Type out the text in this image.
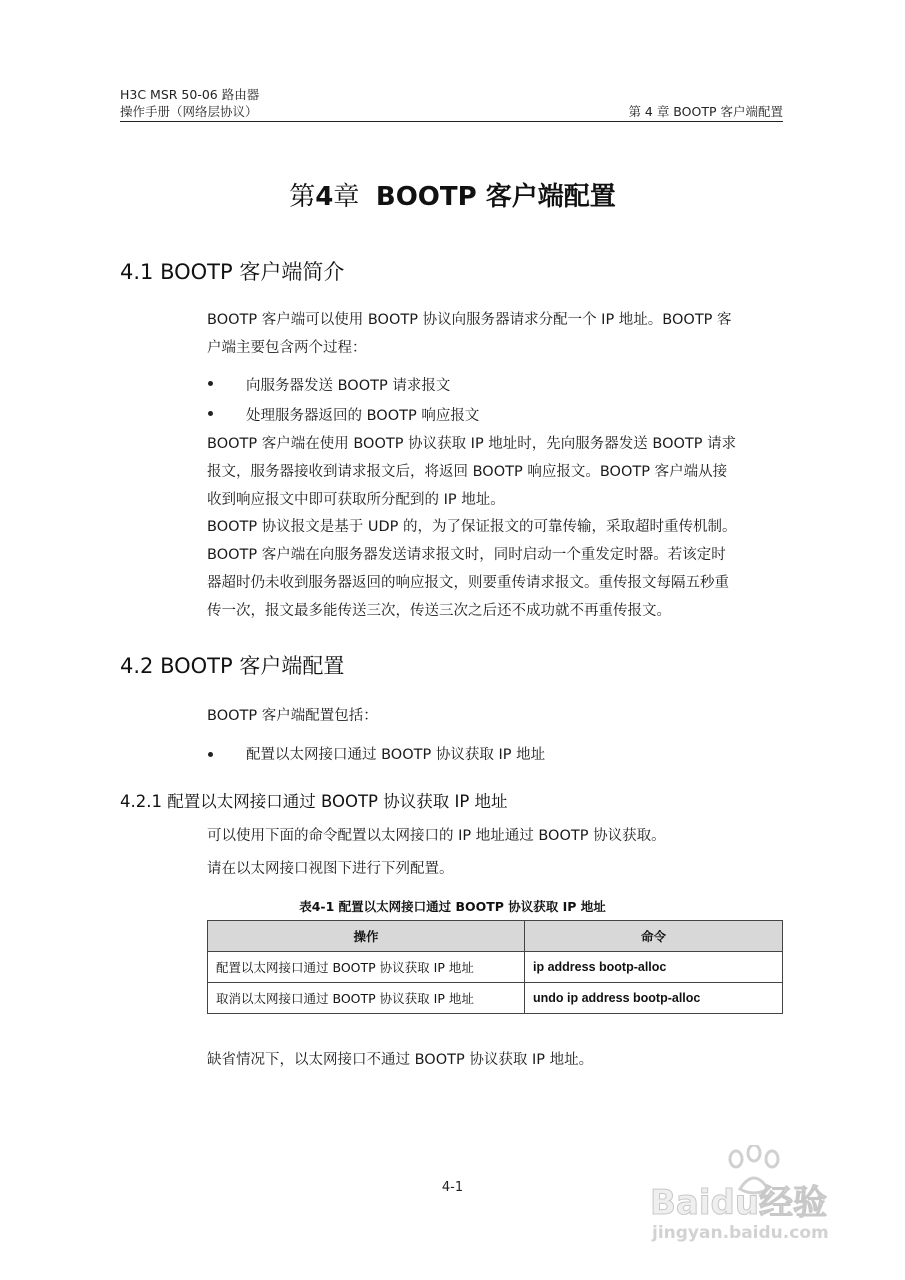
H3C MSR 50-06 路由器
操作手册（网络层协议）	第 4 章 BOOTP 客户端配置
第4章 BOOTP 客户端配置
4.1 BOOTP 客户端简介
BOOTP 客户端可以使用 BOOTP 协议向服务器请求分配一个 IP 地址。BOOTP 客
户端主要包含两个过程：
向服务器发送 BOOTP 请求报文
处理服务器返回的 BOOTP 响应报文
BOOTP 客户端在使用 BOOTP 协议获取 IP 地址时，先向服务器发送 BOOTP 请求
报文，服务器接收到请求报文后，将返回 BOOTP 响应报文。BOOTP 客户端从接
收到响应报文中即可获取所分配到的 IP 地址。
BOOTP 协议报文是基于 UDP 的，为了保证报文的可靠传输，采取超时重传机制。
BOOTP 客户端在向服务器发送请求报文时，同时启动一个重发定时器。若该定时
器超时仍未收到服务器返回的响应报文，则要重传请求报文。重传报文每隔五秒重
传一次，报文最多能传送三次，传送三次之后还不成功就不再重传报文。
4.2 BOOTP 客户端配置
BOOTP 客户端配置包括：
配置以太网接口通过 BOOTP 协议获取 IP 地址
4.2.1 配置以太网接口通过 BOOTP 协议获取 IP 地址
可以使用下面的命令配置以太网接口的 IP 地址通过 BOOTP 协议获取。
请在以太网接口视图下进行下列配置。
表4-1 配置以太网接口通过 BOOTP 协议获取 IP 地址
操作	命令
配置以太网接口通过 BOOTP 协议获取 IP 地址	ip address bootp-alloc
取消以太网接口通过 BOOTP 协议获取 IP 地址	undo ip address bootp-alloc
缺省情况下，以太网接口不通过 BOOTP 协议获取 IP 地址。
4-1	Baidu经验
jingyan.baidu.com
